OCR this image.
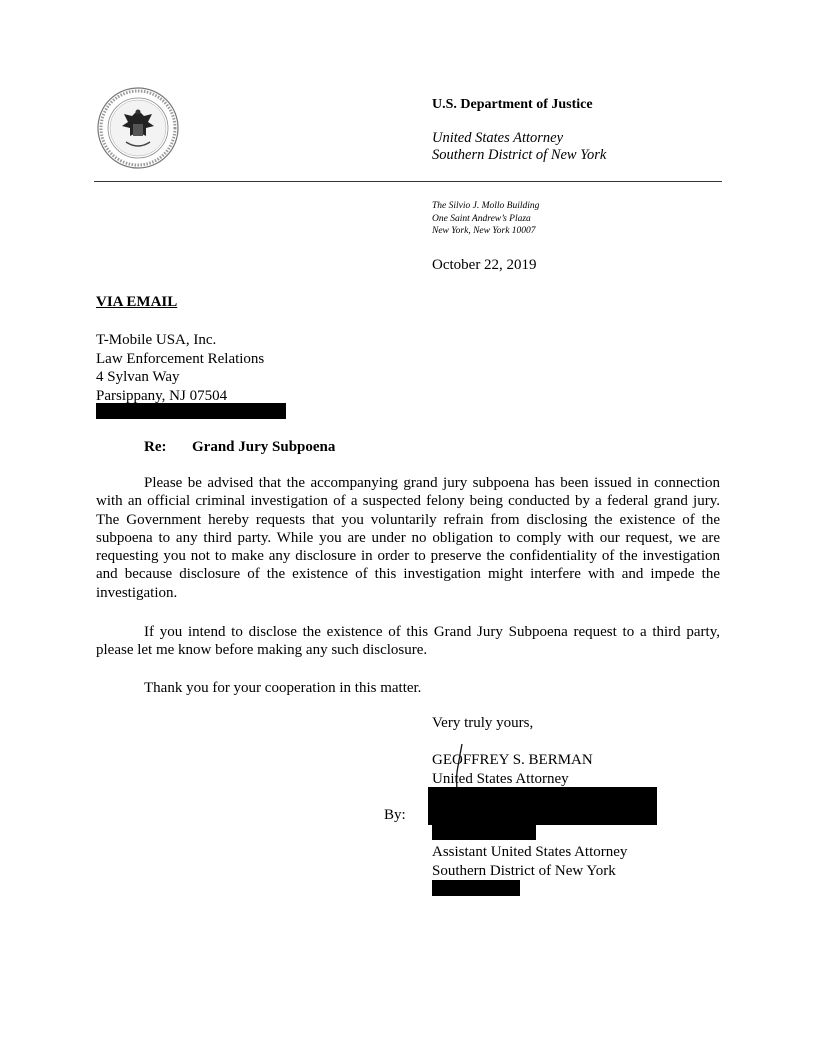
U.S. Department of Justice
United States Attorney
Southern District of New York
The Silvio J. Mollo Building
One Saint Andrew’s Plaza
New York, New York 10007
October 22, 2019
VIA EMAIL
T-Mobile USA, Inc.
Law Enforcement Relations
4 Sylvan Way
Parsippany, NJ 07504
Re: Grand Jury Subpoena

Please be advised that the accompanying grand jury subpoena has been issued in connection with an official criminal investigation of a suspected felony being conducted by a federal grand jury. The Government hereby requests that you voluntarily refrain from disclosing the existence of the subpoena to any third party. While you are under no obligation to comply with our request, we are requesting you not to make any disclosure in order to preserve the confidentiality of the investigation and because disclosure of the existence of this investigation might interfere with and impede the investigation.

If you intend to disclose the existence of this Grand Jury Subpoena request to a third party, please let me know before making any such disclosure.

Thank you for your cooperation in this matter.

Very truly yours,
GEOFFREY S. BERMAN
United States Attorney
By:
Assistant United States Attorney
Southern District of New York
